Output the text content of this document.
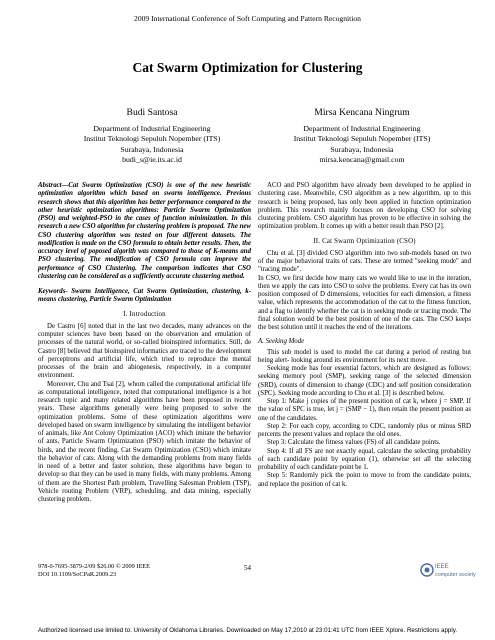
2009 International Conference of Soft Computing and Pattern Recognition
Cat Swarm Optimization for Clustering
Budi Santosa
Department of Industrial Engineering
Institut Teknologi Sepuluh Nopember (ITS)
Surabaya, Indonesia
budi_s@ie.its.ac.id
Mirsa Kencana Ningrum
Department of Industrial Engineering
Institut Teknologi Sepuluh Nopember (ITS)
Surabaya, Indonesia
mirsa.kencana@gmail.com

Abstract—Cat Swarm Optimization (CSO) is one of the new heuristic optimization algorithm which based on swarm intelligence. Previous research shows that this algorithm has better performance compared to the other heuristic optimization algorithms: Particle Swarm Optimization (PSO) and weighted-PSO in the cases of function minimization. In this research a new CSO algorithm for clustering problem is proposed. The new CSO clustering algorithm was tested on four different datasets. The modification is made on the CSO formula to obtain better results. Then, the accuracy level of poposed algorith was compared to those of K-means and PSO clustering. The modification of CSO formula can improve the performance of CSO Clustering. The comparison indicates that CSO clustering can be considered as a sufficiently accurate clustering method.

Keywords- Swarm Intelligence, Cat Swarm Optimization, clustering, k-means clustering, Particle Swarm Optimization

I. Introduction

De Castro [6] noted that in the last two decades, many advances on the computer sciences have been based on the observation and emulation of processes of the natural world, or so-called bioinspired informatics. Still, de Castro [8] believed that bioinspired informatics are traced to the development of perceptrons and artificial life, which tried to reproduce the mental processes of the brain and abiogenesis, respectively, in a computer environment.

Moreover, Chu and Tsai [2], whom called the computational artificial life as computational intelligence, noted that computational intelligence is a hot research topic and many related algorithms have been proposed in recent years. These algorithms generally were being proposed to solve the optimization problems. Some of these optimization algorithms were developed based on swarm intelligence by simulating the intelligent behavior of animals, like Ant Colony Optimization (ACO) which imitate the behavior of ants, Particle Swarm Optimization (PSO) which imitate the behavior of birds, and the recent finding, Cat Swarm Optimization (CSO) which imitate the behavior of cats. Along with the demanding problems from many fields in need of a better and faster solution, these algorithms have begun to develop so that they can be used in many fields, with many problems. Among of them are the Shortest Path problem, Travelling Salesman Problem (TSP), Vehicle routing Problem (VRP), scheduling, and data mining, especially clustering problem.

ACO and PSO algorithm have already been developed to be applied in clustering case. Meanwhile, CSO algorithm as a new algorithm, up to this research is being proposed, has only been applied in function optimization problem. This research mainly focuses on developing CSO for solving clustering problem. CSO algorithm has proven to be effective in solving the optimization problem. It comes up with a better result than PSO [2].

II. Cat Swarm Optimization (CSO)

Chu et al. [3] divided CSO algorithm into two sub-models based on two of the major behavioral traits of cats. These are termed "seeking mode" and "tracing mode".

In CSO, we first decide how many cats we would like to use in the iteration, then we apply the cats into CSO to solve the problems. Every cat has its own position composed of D dimensions, velocities for each dimension, a fitness value, which represents the accommodation of the cat to the fitness function, and a flag to identify whether the cat is in seeking mode or tracing mode. The final solution would be the best position of one of the cats. The CSO keeps the best solution until it reaches the end of the iterations.

A. Seeking Mode

This sub model is used to model the cat during a period of resting but being alert- looking around its environment for its next move.

Seeking mode has four essential factors, which are designed as follows: seeking memory pool (SMP), seeking range of the selected dimension (SRD), counts of dimension to change (CDC) and self position consideration (SPC). Seeking mode according to Chu et al. [3] is described below.

Step 1: Make j copies of the present position of cat k, where j = SMP. If the value of SPC is true, let j = (SMP − 1), then retain the present position as one of the candidates.

Step 2: For each copy, according to CDC, randomly plus or minus SRD percents the present values and replace the old ones.

Step 3: Calculate the fitness values (FS) of all candidate points.

Step 4: If all FS are not exactly equal, calculate the selecting probability of each candidate point by equation (1), otherwise set all the selecting probability of each candidate point be 1.

Step 5: Randomly pick the point to move to from the candidate points, and replace the position of cat k.

978-0-7695-3879-2/09 $26.00 © 2009 IEEE
DOI 10.1109/SoCPaR.2009.23
54	IEEE
computer society
Authorized licensed use limited to: University of Oklahoma Libraries. Downloaded on May 17,2010 at 23:01:41 UTC from IEEE Xplore. Restrictions apply.
